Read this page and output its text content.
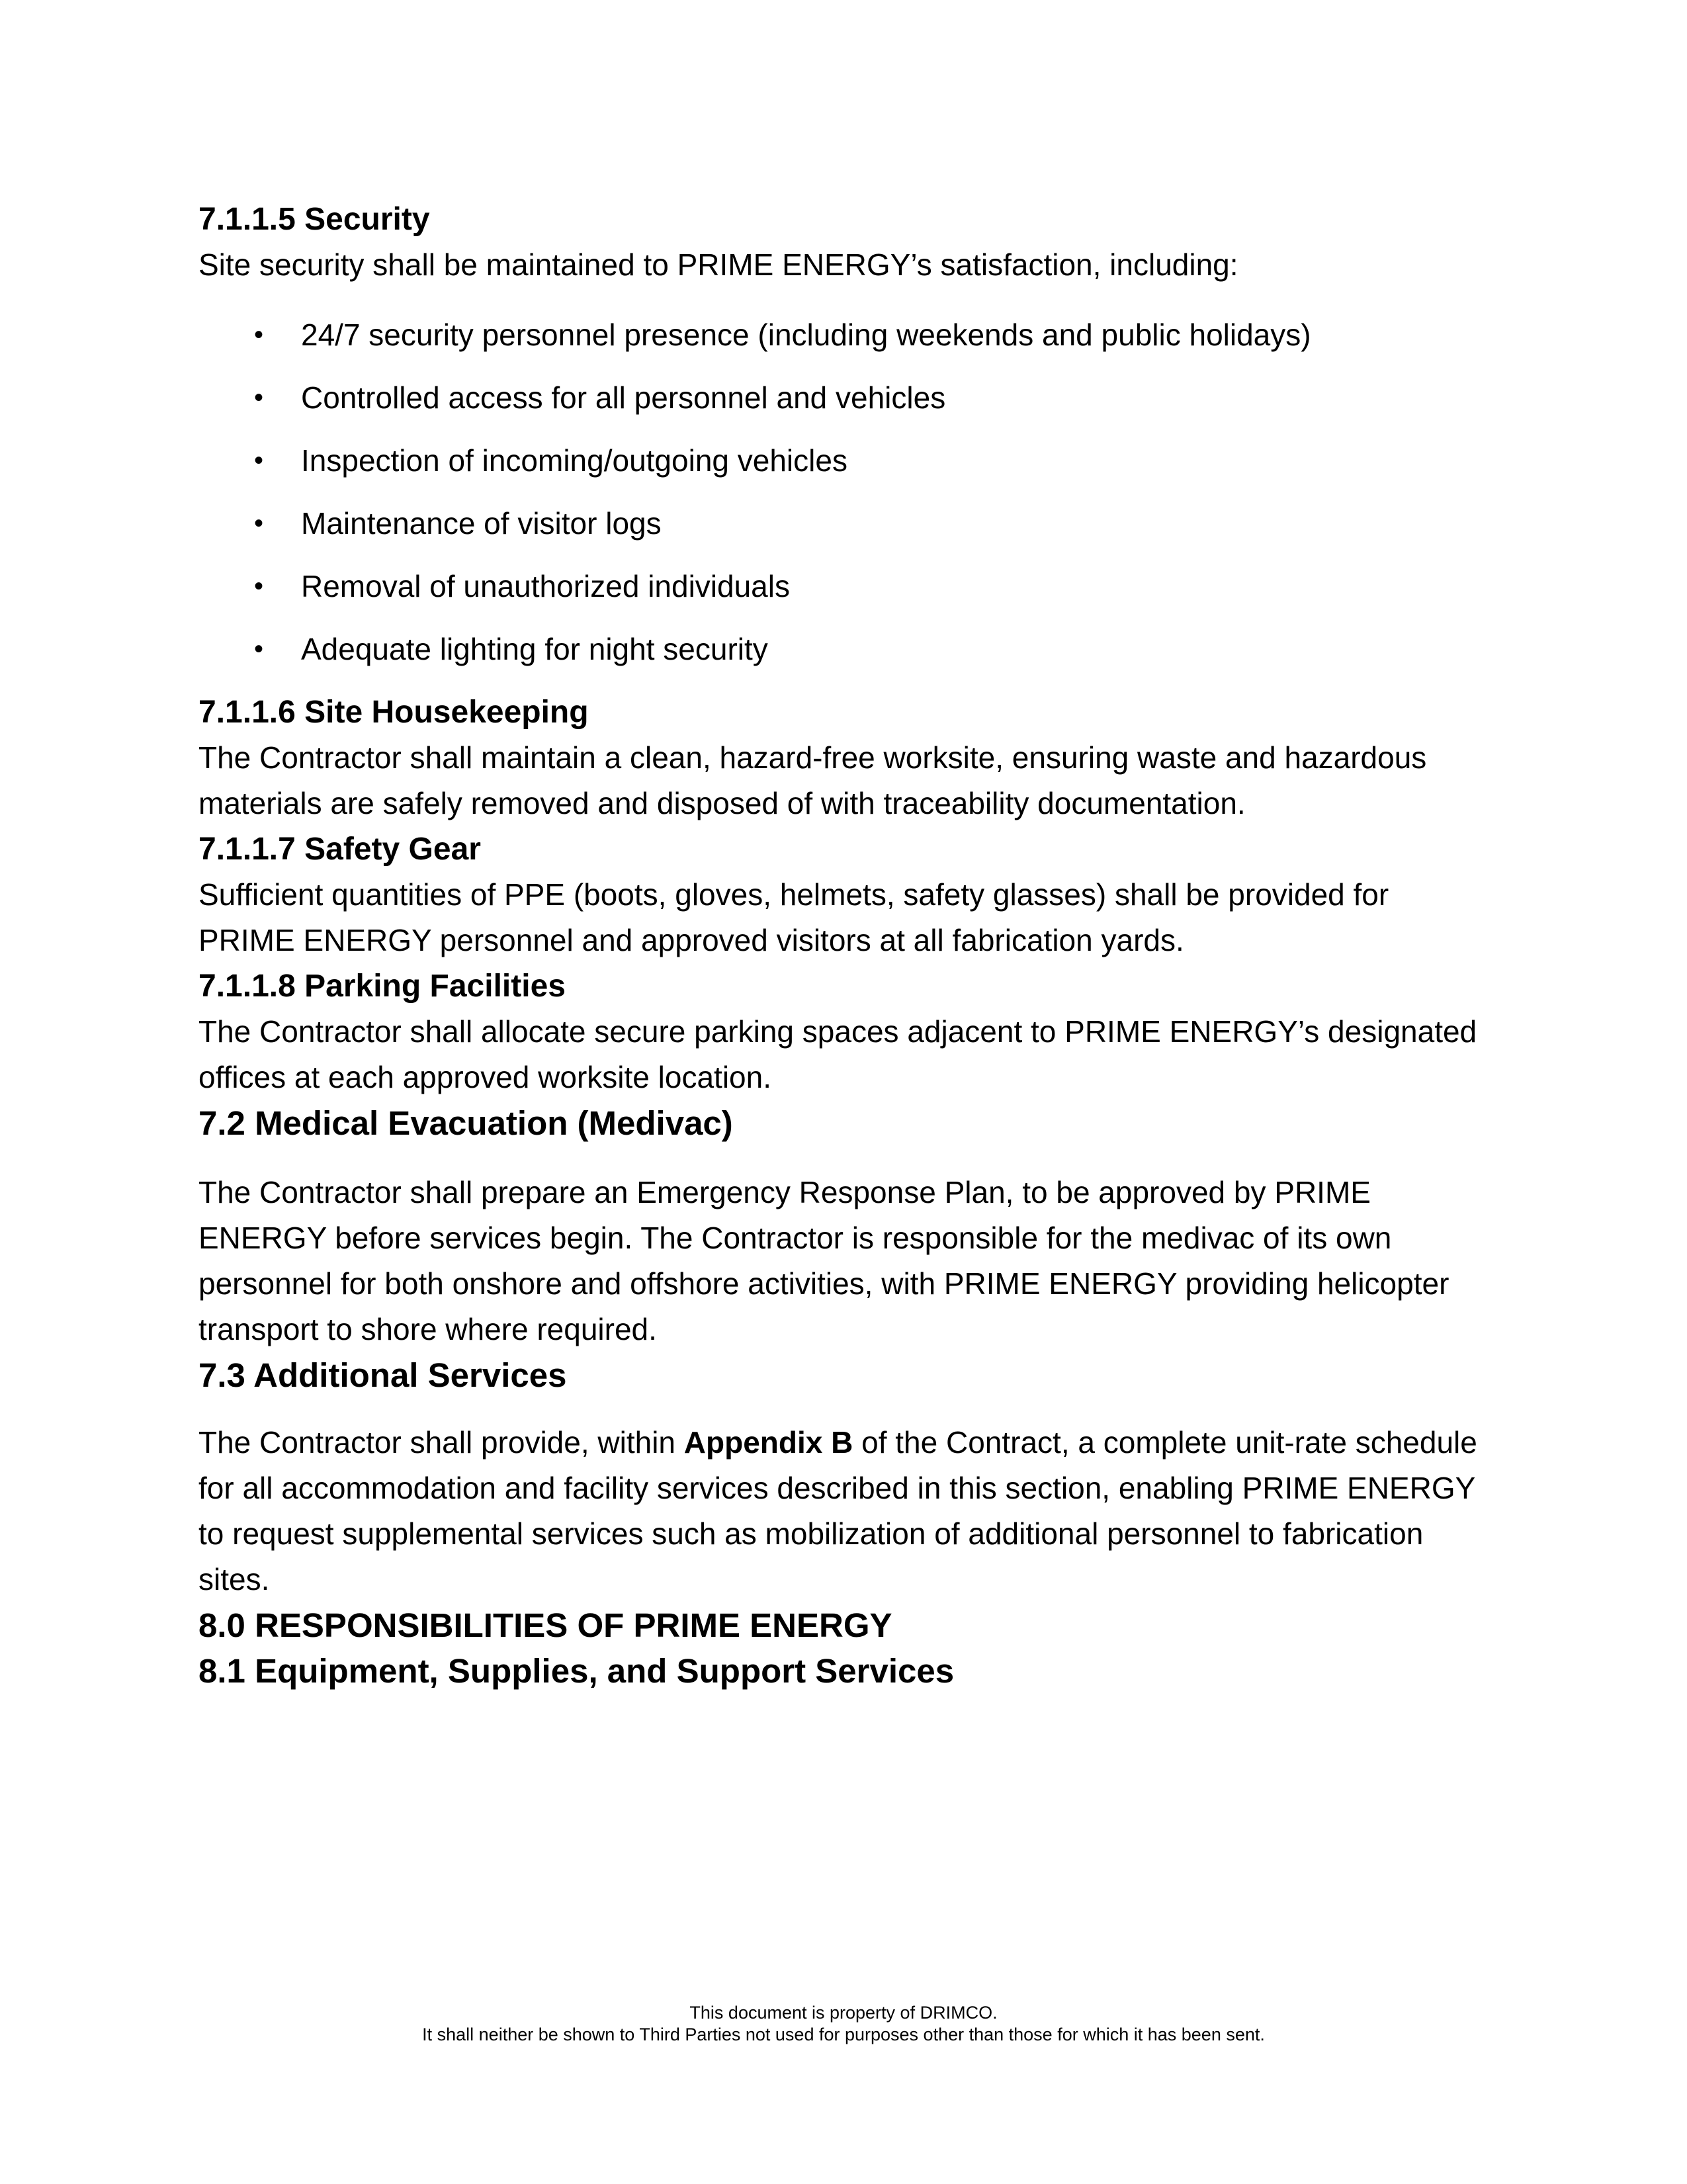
7.1.1.5 Security

Site security shall be maintained to PRIME ENERGY’s satisfaction, including:

• 24/7 security personnel presence (including weekends and public holidays)
• Controlled access for all personnel and vehicles
• Inspection of incoming/outgoing vehicles
• Maintenance of visitor logs
• Removal of unauthorized individuals
• Adequate lighting for night security
7.1.1.6 Site Housekeeping

The Contractor shall maintain a clean, hazard-free worksite, ensuring waste and hazardous materials are safely removed and disposed of with traceability documentation.

7.1.1.7 Safety Gear

Sufficient quantities of PPE (boots, gloves, helmets, safety glasses) shall be provided for PRIME ENERGY personnel and approved visitors at all fabrication yards.

7.1.1.8 Parking Facilities

The Contractor shall allocate secure parking spaces adjacent to PRIME ENERGY’s designated offices at each approved worksite location.

7.2 Medical Evacuation (Medivac)

The Contractor shall prepare an Emergency Response Plan, to be approved by PRIME ENERGY before services begin. The Contractor is responsible for the medivac of its own personnel for both onshore and offshore activities, with PRIME ENERGY providing helicopter transport to shore where required.

7.3 Additional Services

The Contractor shall provide, within Appendix B of the Contract, a complete unit-rate schedule for all accommodation and facility services described in this section, enabling PRIME ENERGY to request supplemental services such as mobilization of additional personnel to fabrication sites.

8.0 RESPONSIBILITIES OF PRIME ENERGY
8.1 Equipment, Supplies, and Support Services
This document is property of DRIMCO.
It shall neither be shown to Third Parties not used for purposes other than those for which it has been sent.
